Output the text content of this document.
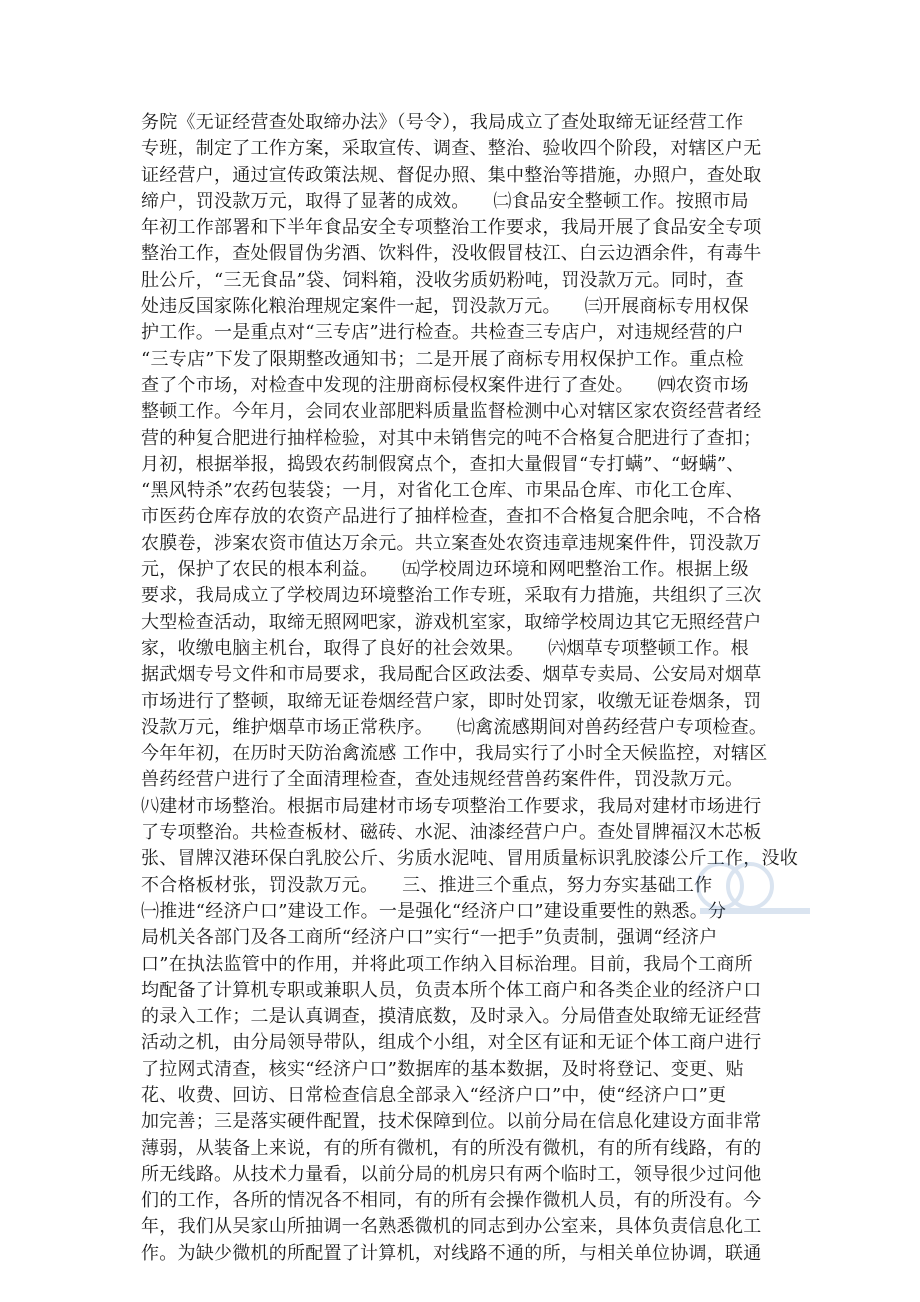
务院《无证经营查处取缔办法》（号令），我局成立了查处取缔无证经营工作
专班，制定了工作方案，采取宣传、调查、整治、验收四个阶段，对辖区户无
证经营户，通过宣传政策法规、督促办照、集中整治等措施，办照户，查处取
缔户，罚没款万元，取得了显著的成效。    ㈡食品安全整顿工作。按照市局
年初工作部署和下半年食品安全专项整治工作要求，我局开展了食品安全专项
整治工作，查处假冒伪劣酒、饮料件，没收假冒枝江、白云边酒余件，有毒牛
肚公斤，“三无食品”袋、饲料箱，没收劣质奶粉吨，罚没款万元。同时，查
处违反国家陈化粮治理规定案件一起，罚没款万元。    ㈢开展商标专用权保
护工作。一是重点对“三专店”进行检查。共检查三专店户，对违规经营的户
“三专店”下发了限期整改通知书；二是开展了商标专用权保护工作。重点检
查了个市场，对检查中发现的注册商标侵权案件进行了查处。    ㈣农资市场
整顿工作。今年月，会同农业部肥料质量监督检测中心对辖区家农资经营者经
营的种复合肥进行抽样检验，对其中未销售完的吨不合格复合肥进行了查扣；
月初，根据举报，捣毁农药制假窝点个，查扣大量假冒“专打螨”、“蚜螨”、
“黑风特杀”农药包装袋；一月，对省化工仓库、市果品仓库、市化工仓库、
市医药仓库存放的农资产品进行了抽样检查，查扣不合格复合肥余吨，不合格
农膜卷，涉案农资市值达万余元。共立案查处农资违章违规案件件，罚没款万
元，保护了农民的根本利益。    ㈤学校周边环境和网吧整治工作。根据上级
要求，我局成立了学校周边环境整治工作专班，采取有力措施，共组织了三次
大型检查活动，取缔无照网吧家，游戏机室家，取缔学校周边其它无照经营户
家，收缴电脑主机台，取得了良好的社会效果。    ㈥烟草专项整顿工作。根
据武烟专号文件和市局要求，我局配合区政法委、烟草专卖局、公安局对烟草
市场进行了整顿，取缔无证卷烟经营户家，即时处罚家，收缴无证卷烟条，罚
没款万元，维护烟草市场正常秩序。    ㈦禽流感期间对兽药经营户专项检查。
今年年初，在历时天防治禽流感 工作中，我局实行了小时全天候监控，对辖区
兽药经营户进行了全面清理检查，查处违规经营兽药案件件，罚没款万元。
㈧建材市场整治。根据市局建材市场专项整治工作要求，我局对建材市场进行
了专项整治。共检查板材、磁砖、水泥、油漆经营户户。查处冒牌福汉木芯板
张、冒牌汉港环保白乳胶公斤、劣质水泥吨、冒用质量标识乳胶漆公斤工作，没收
不合格板材张，罚没款万元。    三、推进三个重点，努力夯实基础工作
㈠推进“经济户口”建设工作。一是强化“经济户口”建设重要性的熟悉。分
局机关各部门及各工商所“经济户口”实行“一把手”负责制，强调“经济户
口”在执法监管中的作用，并将此项工作纳入目标治理。目前，我局个工商所
均配备了计算机专职或兼职人员，负责本所个体工商户和各类企业的经济户口
的录入工作；二是认真调查，摸清底数，及时录入。分局借查处取缔无证经营
活动之机，由分局领导带队，组成个小组，对全区有证和无证个体工商户进行
了拉网式清查，核实“经济户口”数据库的基本数据，及时将登记、变更、贴
花、收费、回访、日常检查信息全部录入“经济户口”中，使“经济户口”更
加完善；三是落实硬件配置，技术保障到位。以前分局在信息化建设方面非常
薄弱，从装备上来说，有的所有微机，有的所没有微机，有的所有线路，有的
所无线路。从技术力量看，以前分局的机房只有两个临时工，领导很少过问他
们的工作，各所的情况各不相同，有的所有会操作微机人员，有的所没有。今
年，我们从吴家山所抽调一名熟悉微机的同志到办公室来，具体负责信息化工
作。为缺少微机的所配置了计算机，对线路不通的所，与相关单位协调，联通
